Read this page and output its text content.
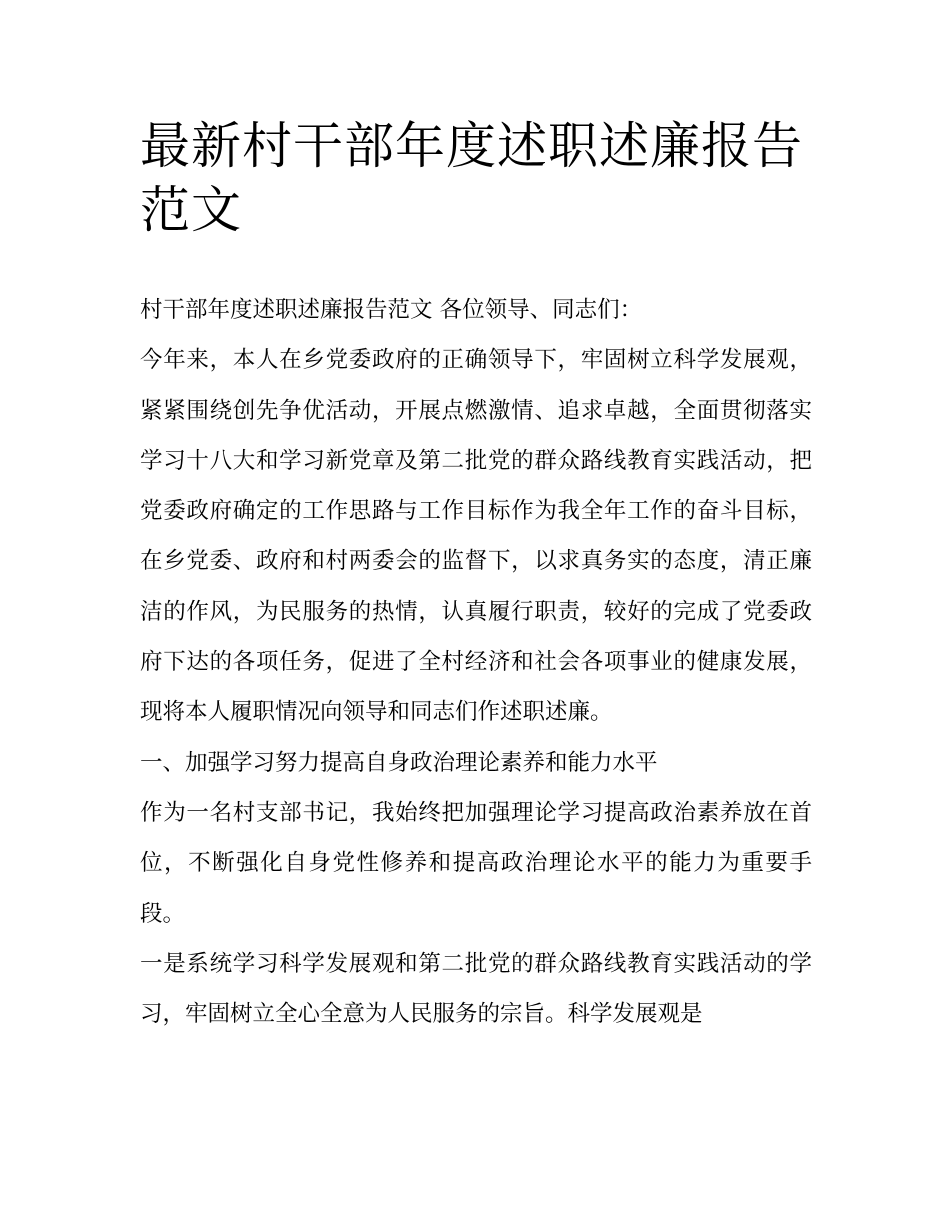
最新村干部年度述职述廉报告范文

村干部年度述职述廉报告范文 各位领导、同志们：

今年来，本人在乡党委政府的正确领导下，牢固树立科学发展观，紧紧围绕创先争优活动，开展点燃激情、追求卓越，全面贯彻落实学习十八大和学习新党章及第二批党的群众路线教育实践活动，把党委政府确定的工作思路与工作目标作为我全年工作的奋斗目标，在乡党委、政府和村两委会的监督下，以求真务实的态度，清正廉洁的作风，为民服务的热情，认真履行职责，较好的完成了党委政府下达的各项任务，促进了全村经济和社会各项事业的健康发展，现将本人履职情况向领导和同志们作述职述廉。

一、加强学习努力提高自身政治理论素养和能力水平

作为一名村支部书记，我始终把加强理论学习提高政治素养放在首位，不断强化自身党性修养和提高政治理论水平的能力为重要手段。

一是系统学习科学发展观和第二批党的群众路线教育实践活动的学习，牢固树立全心全意为人民服务的宗旨。科学发展观是
